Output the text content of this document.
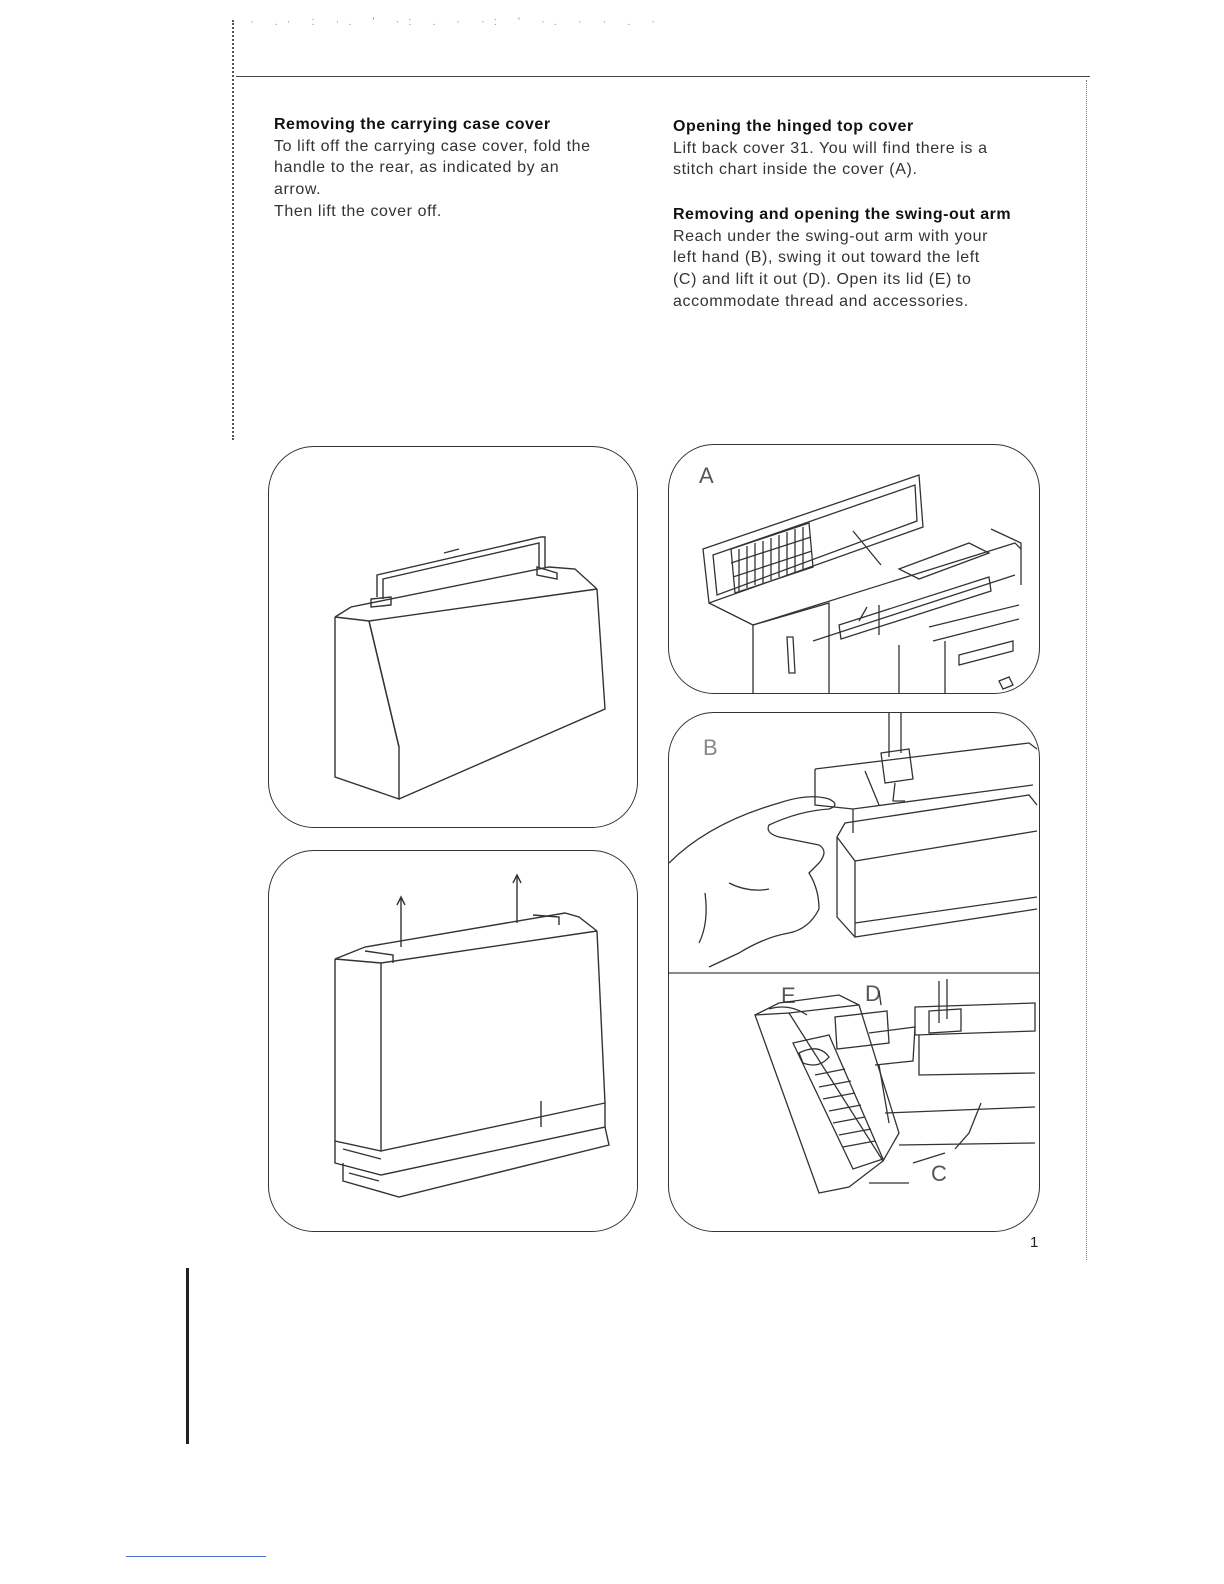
· .· : ·. ' ·: . · ·: ' ·. · · . ·
Removing the carrying case cover

To lift off the carrying case cover, fold the

handle to the rear, as indicated by an

arrow.

Then lift the cover off.

Opening the hinged top cover

Lift back cover 31. You will find there is a

stitch chart inside the cover (A).

Removing and opening the swing-out arm

Reach under the swing-out arm with your

left hand (B), swing it out toward the left

(C) and lift it out (D). Open its lid (E) to

accommodate thread and accessories.

A
B
E	D
C
1
